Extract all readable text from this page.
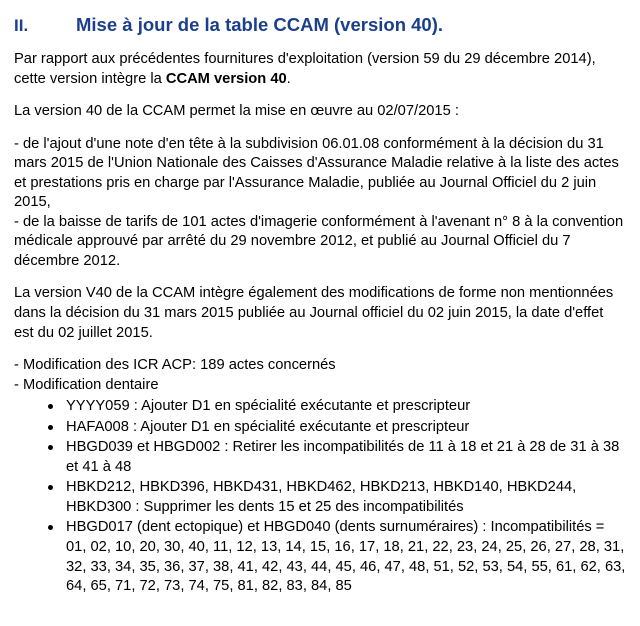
II.	Mise à jour de la table CCAM (version 40).

Par rapport aux précédentes fournitures d'exploitation (version 59 du 29 décembre 2014), cette version intègre la CCAM version 40.

La version 40 de la CCAM permet la mise en œuvre au 02/07/2015 :

- de l'ajout d'une note d'en tête à la subdivision 06.01.08 conformément à la décision du 31 mars 2015 de l'Union Nationale des Caisses d'Assurance Maladie relative à la liste des actes et prestations pris en charge par l'Assurance Maladie, publiée au Journal Officiel du 2 juin 2015,

- de la baisse de tarifs de 101 actes d'imagerie conformément à l'avenant n° 8 à la convention médicale approuvé par arrêté du 29 novembre 2012, et publié au Journal Officiel du 7 décembre 2012.

La version V40 de la CCAM intègre également des modifications de forme non mentionnées dans la décision du 31 mars 2015 publiée au Journal officiel du 02 juin 2015, la date d'effet est du 02 juillet 2015.

- Modification des ICR ACP: 189 actes concernés

- Modification dentaire

YYYY059 : Ajouter D1 en spécialité exécutante et prescripteur
HAFA008 : Ajouter D1 en spécialité exécutante et prescripteur
HBGD039 et HBGD002 : Retirer les incompatibilités de 11 à 18 et 21 à 28 de 31 à 38 et 41 à 48
HBKD212, HBKD396, HBKD431, HBKD462, HBKD213, HBKD140, HBKD244, HBKD300 : Supprimer les dents 15 et 25 des incompatibilités
HBGD017 (dent ectopique) et HBGD040 (dents surnuméraires) : Incompatibilités = 01, 02, 10, 20, 30, 40, 11, 12, 13, 14, 15, 16, 17, 18, 21, 22, 23, 24, 25, 26, 27, 28, 31, 32, 33, 34, 35, 36, 37, 38, 41, 42, 43, 44, 45, 46, 47, 48, 51, 52, 53, 54, 55, 61, 62, 63, 64, 65, 71, 72, 73, 74, 75, 81, 82, 83, 84, 85
